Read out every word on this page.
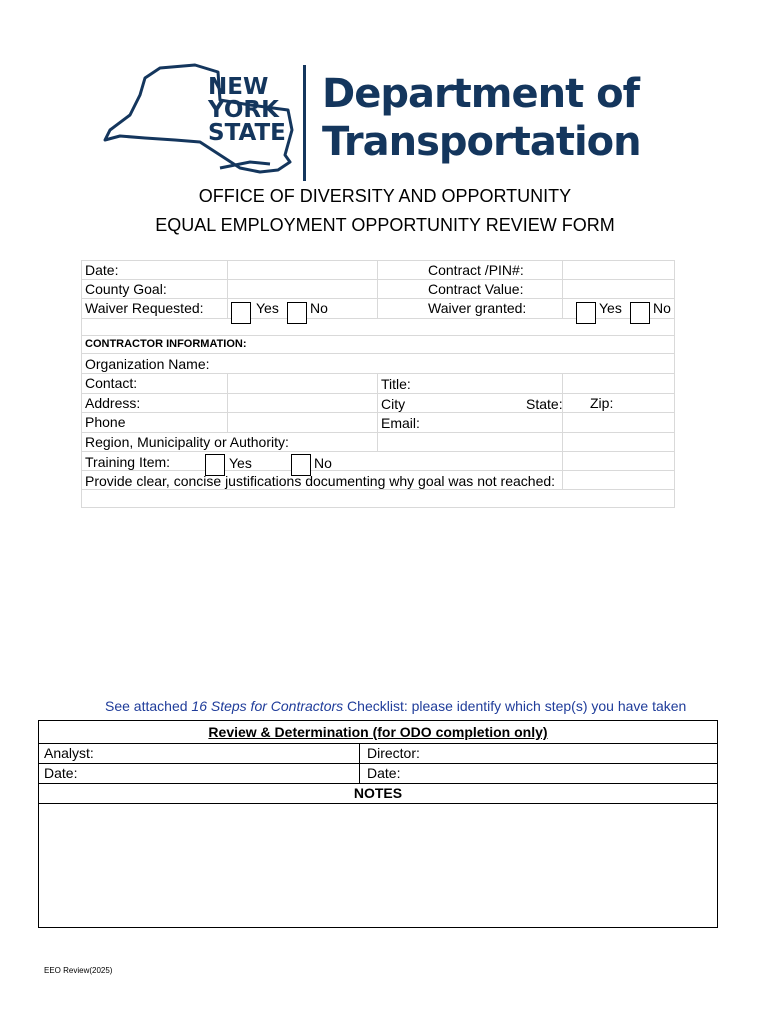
NEW
YORK
STATE
Department of
Transportation
OFFICE OF DIVERSITY AND OPPORTUNITY
EQUAL EMPLOYMENT OPPORTUNITY REVIEW FORM
Date:	Contract /PIN#:
County Goal:	Contract Value:
Waiver Requested:	Yes No	Waiver granted:	Yes No
CONTRACTOR INFORMATION:
Organization Name:
Contact:	Title:
Address:	City	State: Zip:
Phone	Email:
Region, Municipality or Authority:
Training Item:	Yes	No
Provide clear, concise justifications documenting why goal was not reached:
See attached 16 Steps for Contractors Checklist: please identify which step(s) you have taken
Review & Determination (for ODO completion only)
Analyst:	Director:
Date:	Date:
NOTES
EEO Review(2025)
